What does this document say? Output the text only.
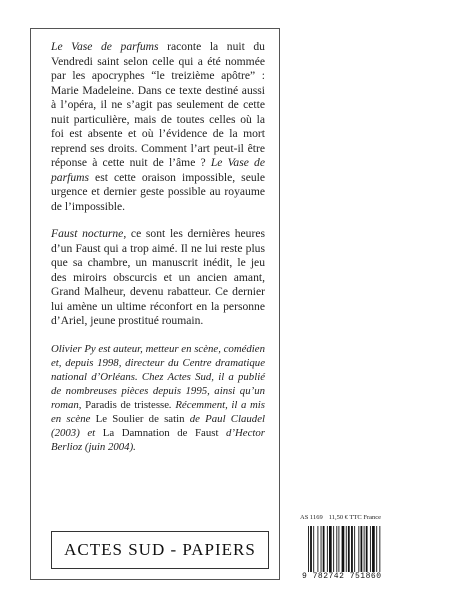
Le Vase de parfums raconte la nuit du Vendredi saint selon celle qui a été nommée par les apocryphes “le treizième apôtre” : Marie Madeleine. Dans ce texte destiné aussi à l’opéra, il ne s’agit pas seulement de cette nuit particulière, mais de toutes celles où la foi est absente et où l’évidence de la mort reprend ses droits. Comment l’art peut-il être réponse à cette nuit de l’âme ? Le Vase de parfums est cette oraison impossible, seule urgence et dernier geste possible au royaume de l’impossible.

Faust nocturne, ce sont les dernières heures d’un Faust qui a trop aimé. Il ne lui reste plus que sa chambre, un manuscrit inédit, le jeu des miroirs obscurcis et un ancien amant, Grand Malheur, devenu rabatteur. Ce dernier lui amène un ultime réconfort en la personne d’Ariel, jeune prostitué roumain.

Olivier Py est auteur, metteur en scène, comédien et, depuis 1998, directeur du Centre dramatique national d’Orléans. Chez Actes Sud, il a publié de nombreuses pièces depuis 1995, ainsi qu’un roman, Paradis de tristesse. Récemment, il a mis en scène Le Soulier de satin de Paul Claudel (2003) et La Damnation de Faust d’Hector Berlioz (juin 2004).

ACTES SUD - PAPIERS
AS 1169 11,50 € TTC France
9 782742 751860
